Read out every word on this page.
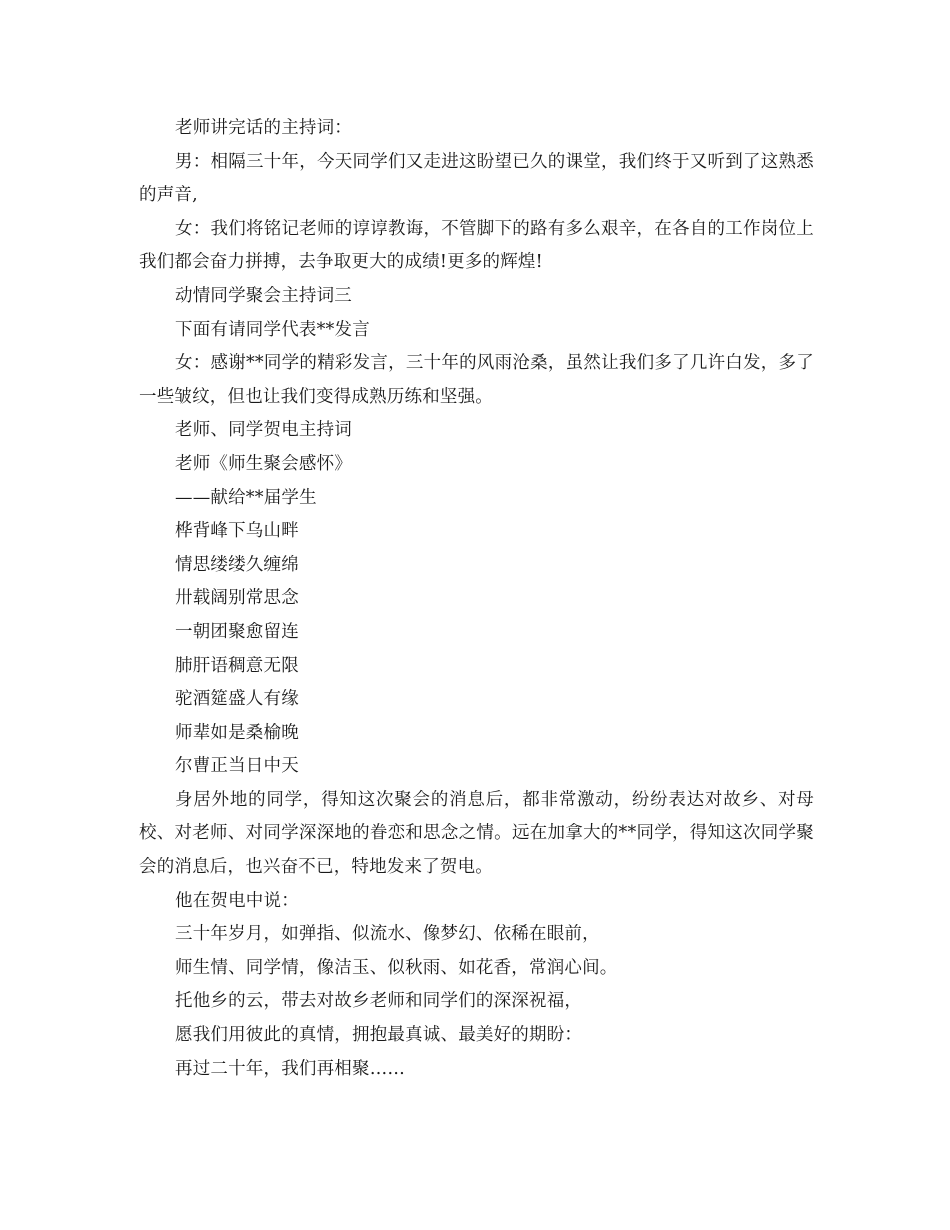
老师讲完话的主持词：

男：相隔三十年，今天同学们又走进这盼望已久的课堂，我们终于又听到了这熟悉的声音,

女：我们将铭记老师的谆谆教诲，不管脚下的路有多么艰辛，在各自的工作岗位上我们都会奋力拼搏，去争取更大的成绩!更多的辉煌!

动情同学聚会主持词三

下面有请同学代表**发言

女：感谢**同学的精彩发言，三十年的风雨沧桑，虽然让我们多了几许白发，多了一些皱纹，但也让我们变得成熟历练和坚强。

老师、同学贺电主持词

老师《师生聚会感怀》

——献给**届学生

桦背峰下乌山畔

情思缕缕久缠绵

卅载阔别常思念

一朝团聚愈留连

肺肝语稠意无限

驼酒筵盛人有缘

师辈如是桑榆晚

尔曹正当日中天

身居外地的同学，得知这次聚会的消息后，都非常激动，纷纷表达对故乡、对母校、对老师、对同学深深地的眷恋和思念之情。远在加拿大的**同学，得知这次同学聚会的消息后，也兴奋不已，特地发来了贺电。

他在贺电中说：

三十年岁月，如弹指、似流水、像梦幻、依稀在眼前，

师生情、同学情，像洁玉、似秋雨、如花香，常润心间。

托他乡的云，带去对故乡老师和同学们的深深祝福，

愿我们用彼此的真情，拥抱最真诚、最美好的期盼：

再过二十年，我们再相聚……
